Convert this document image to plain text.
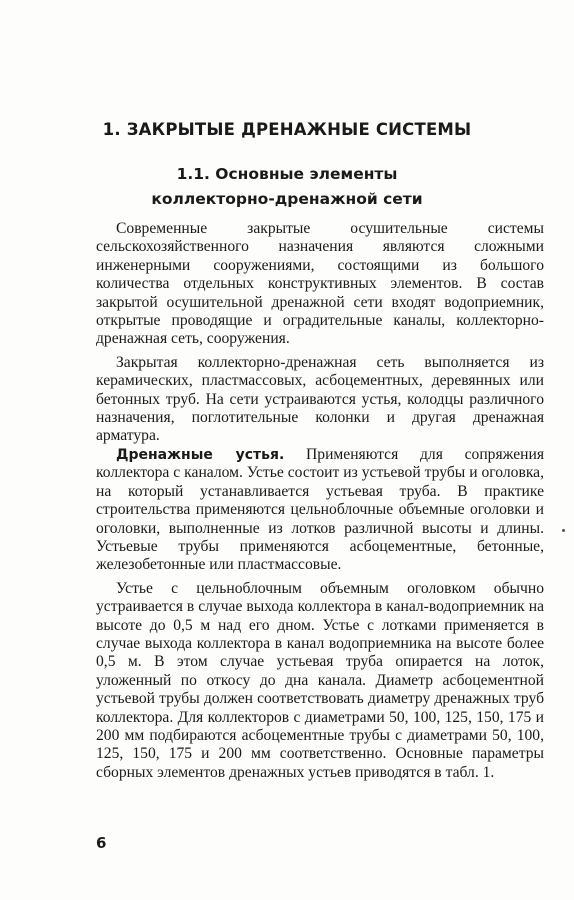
1. ЗАКРЫТЫЕ ДРЕНАЖНЫЕ СИСТЕМЫ
1.1. Основные элементы
коллекторно-дренажной сети

Современные закрытые осушительные системы сельскохозяйственного назначения являются сложными инженерными сооружениями, состоящими из большого количества отдельных конструктивных элементов. В состав закрытой осушительной дренажной сети входят водоприемник, открытые проводящие и оградительные каналы, коллекторно-дренажная сеть, сооружения.

Закрытая коллекторно-дренажная сеть выполняется из керамических, пластмассовых, асбоцементных, деревянных или бетонных труб. На сети устраиваются устья, колодцы различного назначения, поглотительные колонки и другая дренажная арматура.

Дренажные устья. Применяются для сопряжения коллектора с каналом. Устье состоит из устьевой трубы и оголовка, на который устанавливается устьевая труба. В практике строительства применяются цельноблочные объемные оголовки и оголовки, выполненные из лотков различной высоты и длины. Устьевые трубы применяются асбоцементные, бетонные, железобетонные или пластмассовые.

Устье с цельноблочным объемным оголовком обычно устраивается в случае выхода коллектора в канал-водоприемник на высоте до 0,5 м над его дном. Устье с лотками применяется в случае выхода коллектора в канал водоприемника на высоте более 0,5 м. В этом случае устьевая труба опирается на лоток, уложенный по откосу до дна канала. Диаметр асбоцементной устьевой трубы должен соответствовать диаметру дренажных труб коллектора. Для коллекторов с диаметрами 50, 100, 125, 150, 175 и 200 мм подбираются асбоцементные трубы с диаметрами 50, 100, 125, 150, 175 и 200 мм соответственно. Основные параметры сборных элементов дренажных устьев приводятся в табл. 1.

6
